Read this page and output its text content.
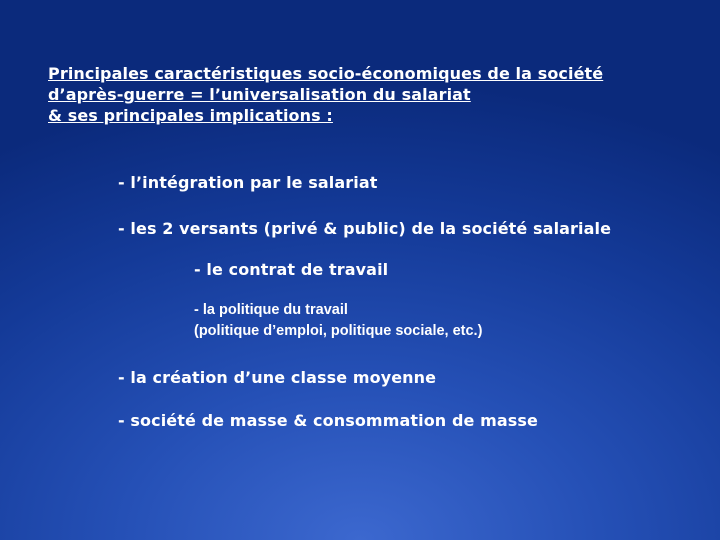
Principales caractéristiques socio-économiques de la société
d’après-guerre = l’universalisation du salariat
& ses principales implications :
- l’intégration par le salariat
- les 2 versants (privé & public) de la société salariale
- le contrat de travail
- la politique du travail
(politique d’emploi, politique sociale, etc.)
- la création d’une classe moyenne
- société de masse & consommation de masse
